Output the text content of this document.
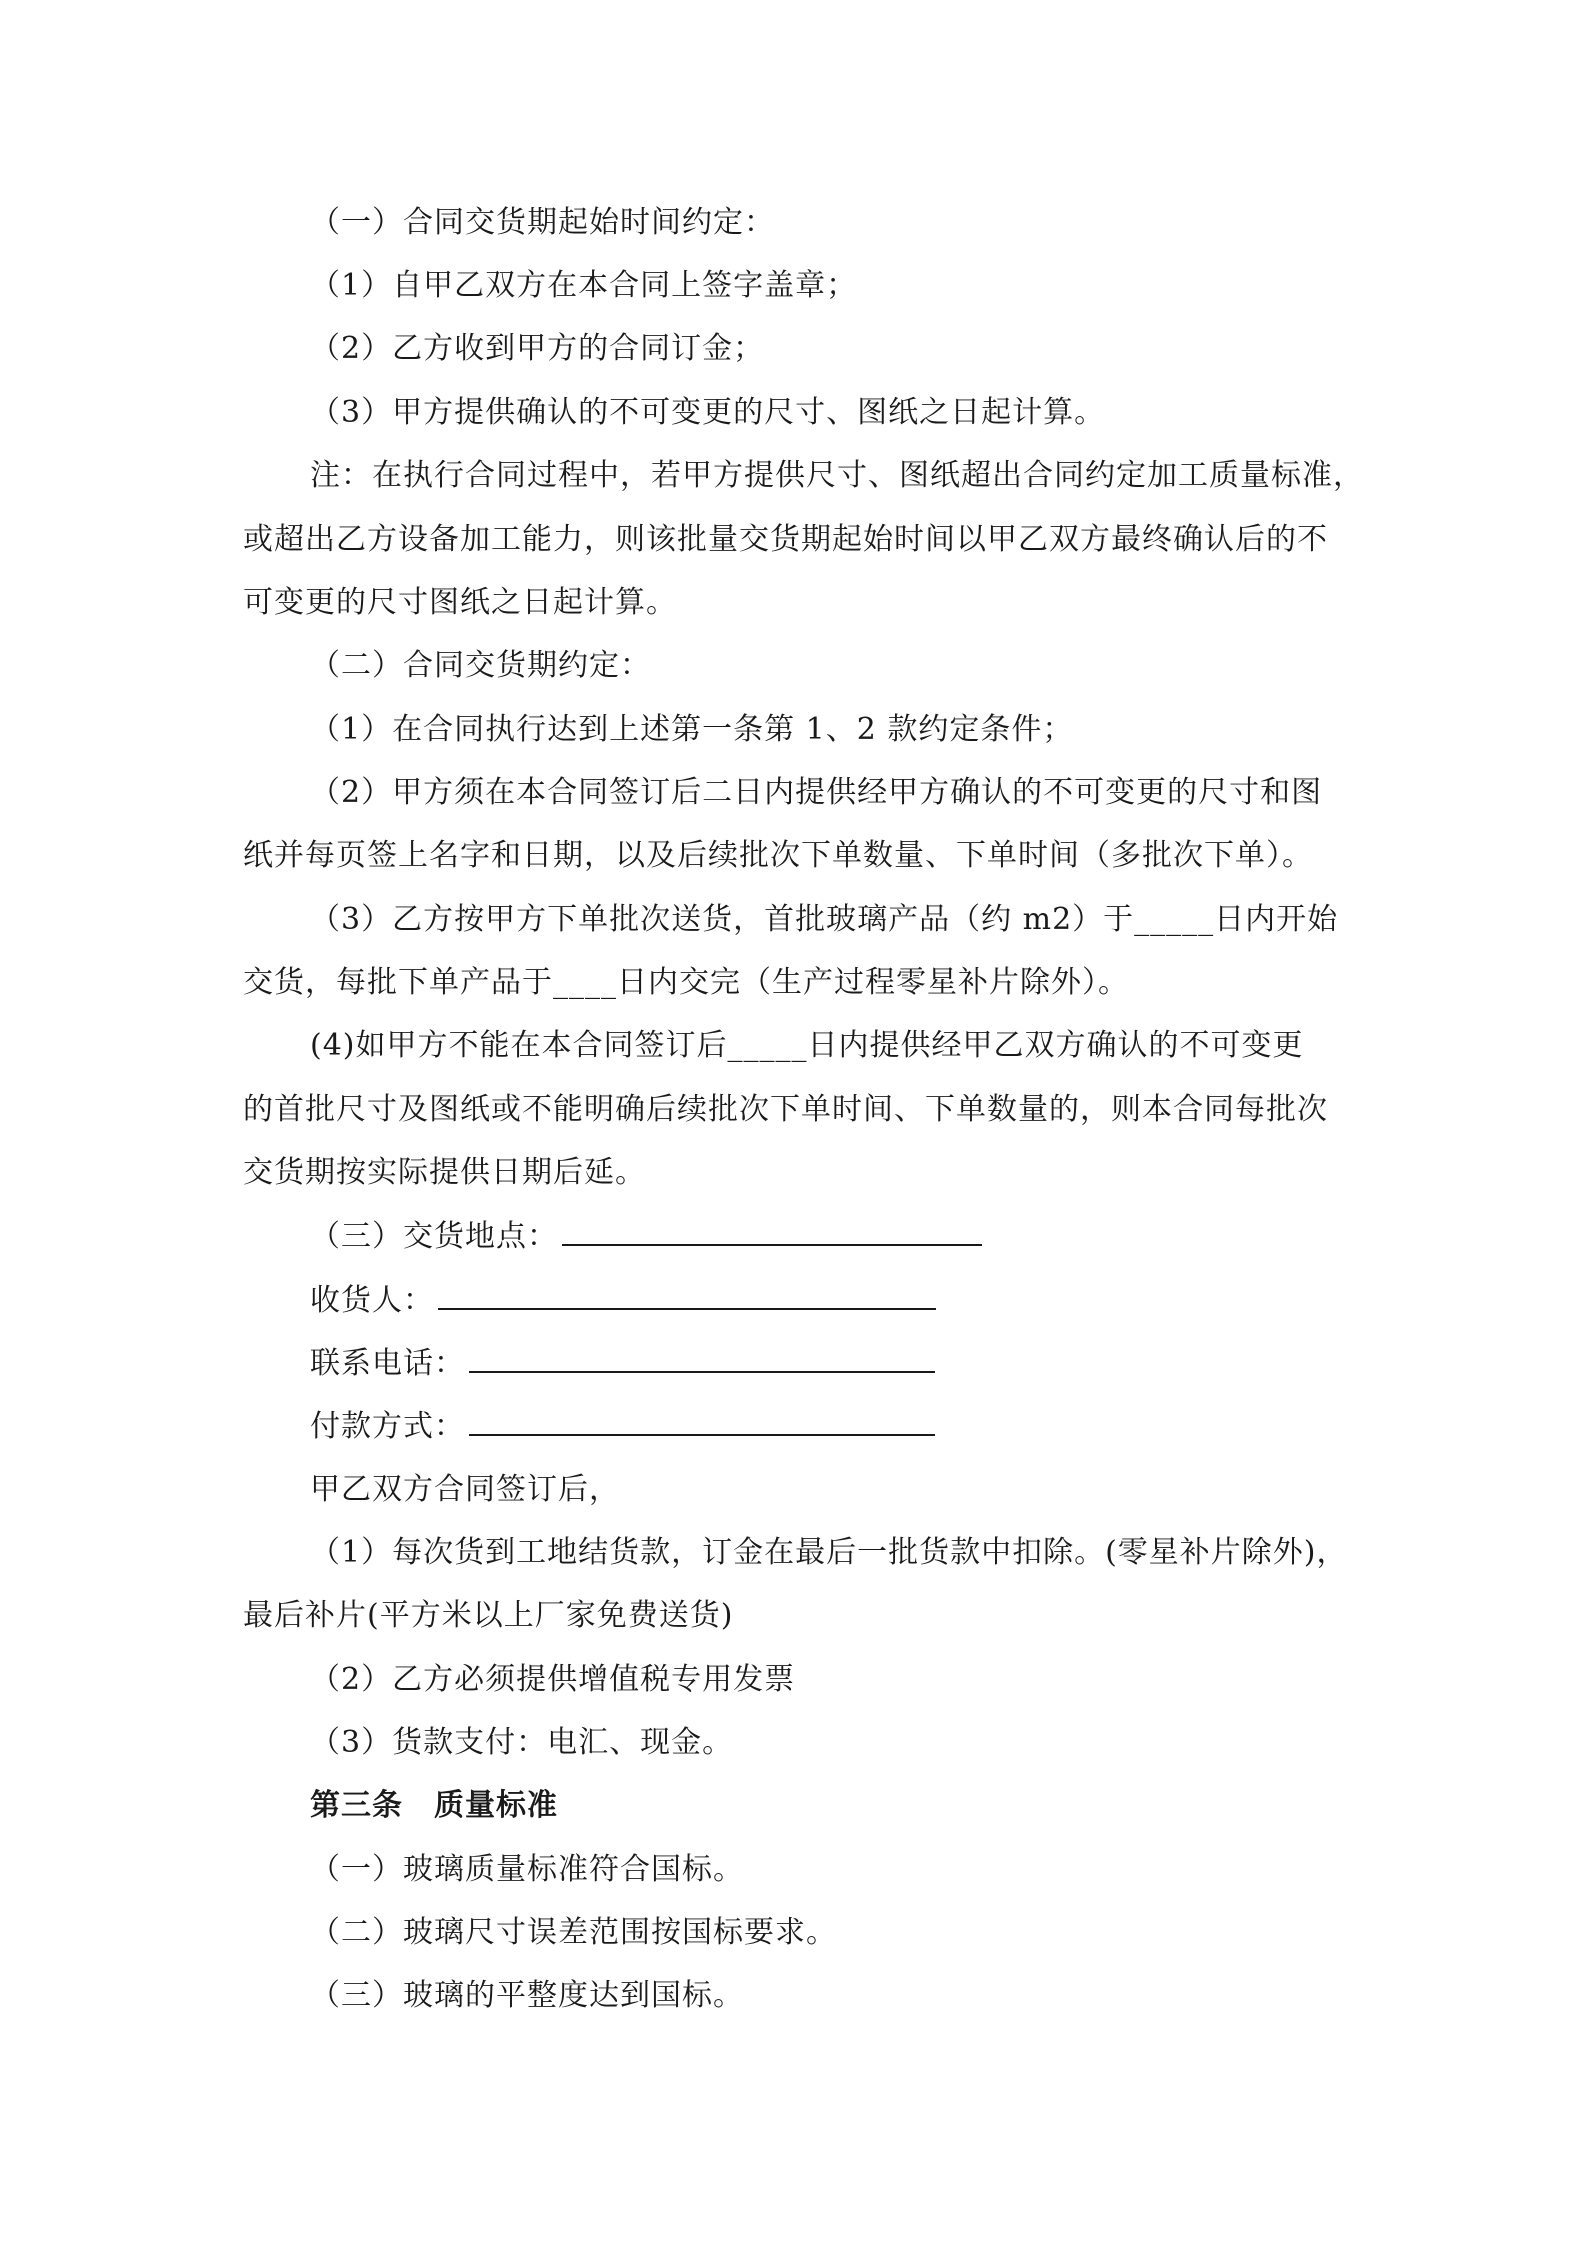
（一）合同交货期起始时间约定：
（1）自甲乙双方在本合同上签字盖章；
（2）乙方收到甲方的合同订金；
（3）甲方提供确认的不可变更的尺寸、图纸之日起计算。
注：在执行合同过程中，若甲方提供尺寸、图纸超出合同约定加工质量标准，
或超出乙方设备加工能力，则该批量交货期起始时间以甲乙双方最终确认后的不
可变更的尺寸图纸之日起计算。
（二）合同交货期约定：
（1）在合同执行达到上述第一条第 1、2 款约定条件；
（2）甲方须在本合同签订后二日内提供经甲方确认的不可变更的尺寸和图
纸并每页签上名字和日期，以及后续批次下单数量、下单时间（多批次下单）。
（3）乙方按甲方下单批次送货，首批玻璃产品（约 m2）于_____日内开始
交货，每批下单产品于____日内交完（生产过程零星补片除外）。
(4)如甲方不能在本合同签订后_____日内提供经甲乙双方确认的不可变更
的首批尺寸及图纸或不能明确后续批次下单时间、下单数量的，则本合同每批次
交货期按实际提供日期后延。
（三）交货地点：
收货人：
联系电话：
付款方式：
甲乙双方合同签订后，
（1）每次货到工地结货款，订金在最后一批货款中扣除。(零星补片除外)，
最后补片(平方米以上厂家免费送货)
（2）乙方必须提供增值税专用发票
（3）货款支付：电汇、现金。
第三条　质量标准
（一）玻璃质量标准符合国标。
（二）玻璃尺寸误差范围按国标要求。
（三）玻璃的平整度达到国标。
